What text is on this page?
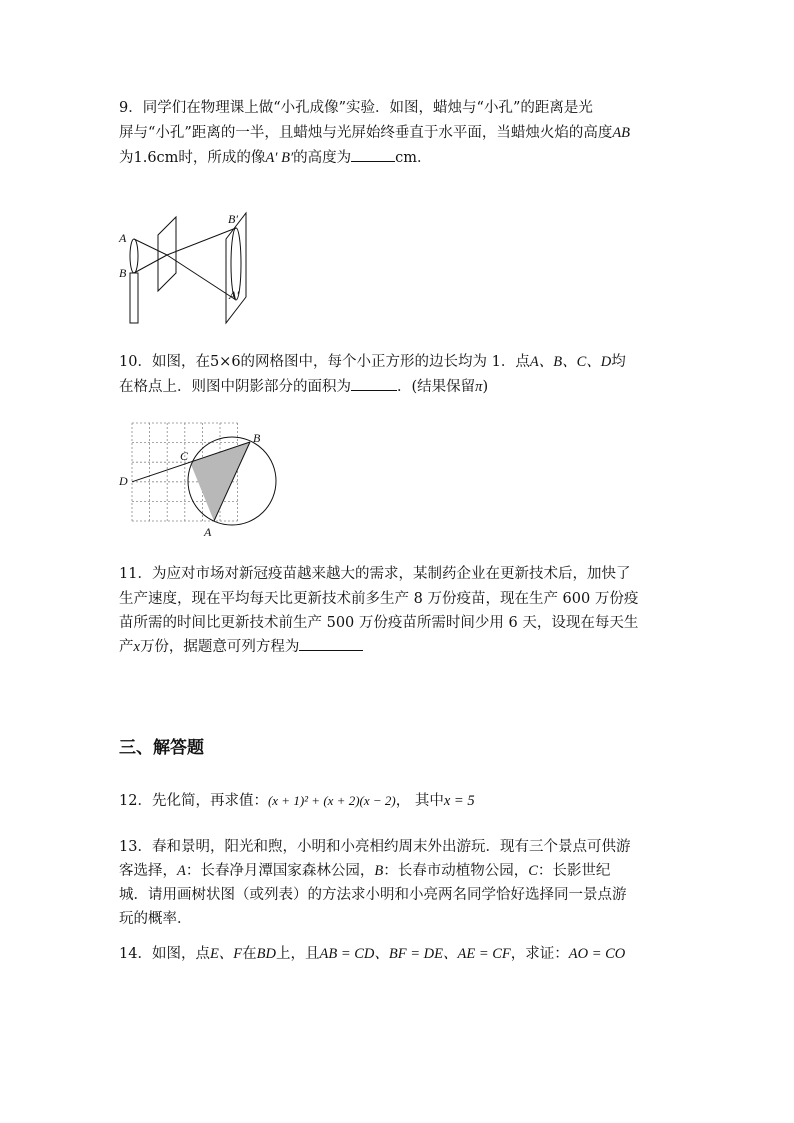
9．同学们在物理课上做“小孔成像”实验．如图，蜡烛与“小孔”的距离是光
屏与“小孔”距离的一半，且蜡烛与光屏始终垂直于水平面，当蜡烛火焰的高度AB
为1.6cm时，所成的像A′ B′的高度为	cm．
A
B
B′
A′
10．如图，在5×6的网格图中，每个小正方形的边长均为 1．点A、B、C、D均
在格点上．则图中阴影部分的面积为	．(结果保留π)
D
C
B
A
11．为应对市场对新冠疫苗越来越大的需求，某制药企业在更新技术后，加快了
生产速度，现在平均每天比更新技术前多生产 8 万份疫苗，现在生产 600 万份疫
苗所需的时间比更新技术前生产 500 万份疫苗所需时间少用 6 天，设现在每天生
产x万份，据题意可列方程为
三、解答题
12．先化简，再求值：(x + 1)² + (x + 2)(x − 2)， 其中x = 5
13．春和景明，阳光和煦，小明和小亮相约周末外出游玩．现有三个景点可供游
客选择，A：长春净月潭国家森林公园，B：长春市动植物公园，C：长影世纪
城．请用画树状图（或列表）的方法求小明和小亮两名同学恰好选择同一景点游
玩的概率．
14．如图，点E、F在BD上，且AB = CD、BF = DE、AE = CF，求证：AO = CO
